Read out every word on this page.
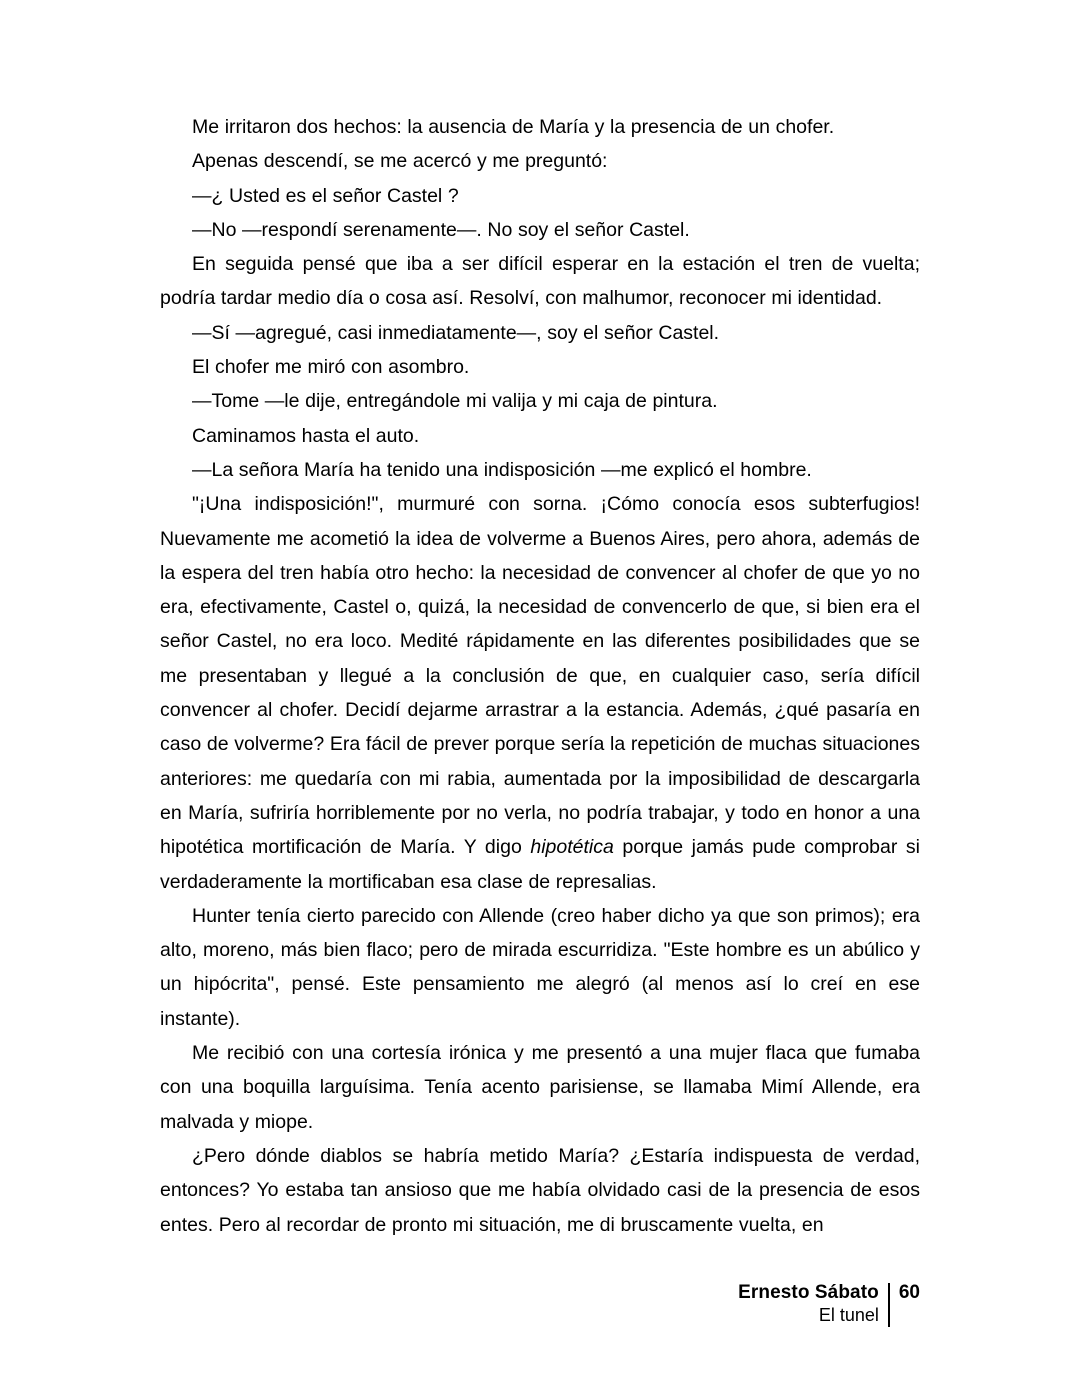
Me irritaron dos hechos: la ausencia de María y la presencia de un chofer.

Apenas descendí, se me acercó y me preguntó:

—¿ Usted es el señor Castel ?

—No —respondí serenamente—. No soy el señor Castel.

En seguida pensé que iba a ser difícil esperar en la estación el tren de vuelta; podría tardar medio día o cosa así. Resolví, con malhumor, reconocer mi identidad.

—Sí —agregué, casi inmediatamente—, soy el señor Castel.

El chofer me miró con asombro.

—Tome —le dije, entregándole mi valija y mi caja de pintura.

Caminamos hasta el auto.

—La señora María ha tenido una indisposición —me explicó el hombre.

"¡Una indisposición!", murmuré con sorna. ¡Cómo conocía esos subterfugios! Nuevamente me acometió la idea de volverme a Buenos Aires, pero ahora, además de la espera del tren había otro hecho: la necesidad de convencer al chofer de que yo no era, efectivamente, Castel o, quizá, la necesidad de convencerlo de que, si bien era el señor Castel, no era loco. Medité rápidamente en las diferentes posibilidades que se me presentaban y llegué a la conclusión de que, en cualquier caso, sería difícil convencer al chofer. Decidí dejarme arrastrar a la estancia. Además, ¿qué pasaría en caso de volverme? Era fácil de prever porque sería la repetición de muchas situaciones anteriores: me quedaría con mi rabia, aumentada por la imposibilidad de descargarla en María, sufriría horriblemente por no verla, no podría trabajar, y todo en honor a una hipotética mortificación de María. Y digo hipotética porque jamás pude comprobar si verdaderamente la mortificaban esa clase de represalias.

Hunter tenía cierto parecido con Allende (creo haber dicho ya que son primos); era alto, moreno, más bien flaco; pero de mirada escurridiza. "Este hombre es un abúlico y un hipócrita", pensé. Este pensamiento me alegró (al menos así lo creí en ese instante).

Me recibió con una cortesía irónica y me presentó a una mujer flaca que fumaba con una boquilla larguísima. Tenía acento parisiense, se llamaba Mimí Allende, era malvada y miope.

¿Pero dónde diablos se habría metido María? ¿Estaría indispuesta de verdad, entonces? Yo estaba tan ansioso que me había olvidado casi de la presencia de esos entes. Pero al recordar de pronto mi situación, me di bruscamente vuelta, en

Ernesto Sábato
El tunel
60
